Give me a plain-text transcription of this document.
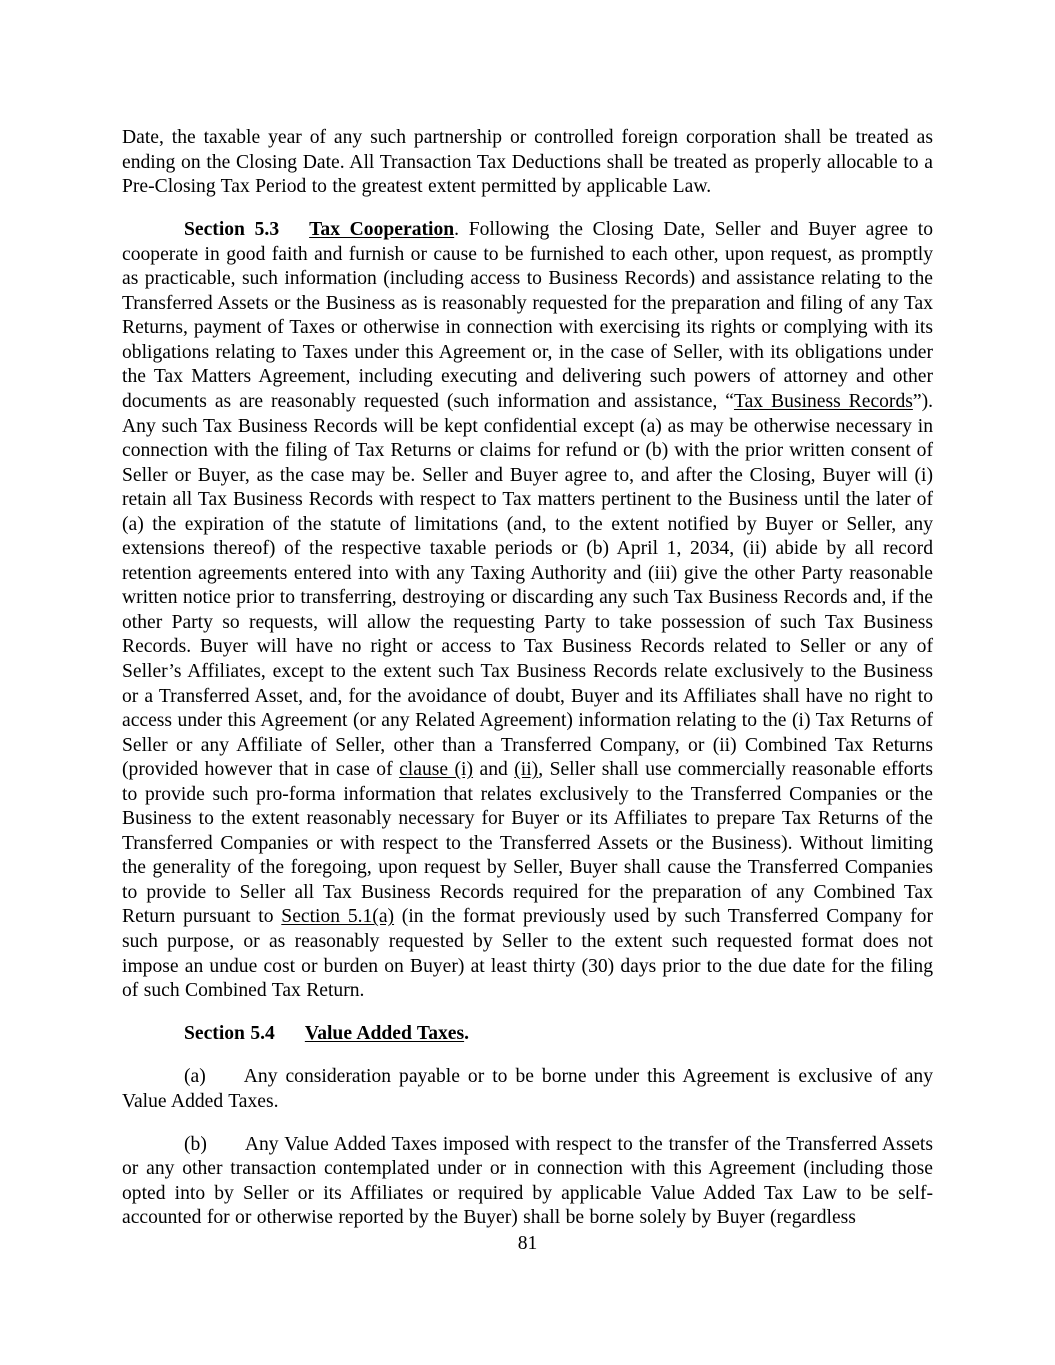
Date, the taxable year of any such partnership or controlled foreign corporation shall be treated as ending on the Closing Date. All Transaction Tax Deductions shall be treated as properly allocable to a Pre-Closing Tax Period to the greatest extent permitted by applicable Law.

Section 5.3 Tax Cooperation. Following the Closing Date, Seller and Buyer agree to cooperate in good faith and furnish or cause to be furnished to each other, upon request, as promptly as practicable, such information (including access to Business Records) and assistance relating to the Transferred Assets or the Business as is reasonably requested for the preparation and filing of any Tax Returns, payment of Taxes or otherwise in connection with exercising its rights or complying with its obligations relating to Taxes under this Agreement or, in the case of Seller, with its obligations under the Tax Matters Agreement, including executing and delivering such powers of attorney and other documents as are reasonably requested (such information and assistance, “Tax Business Records”). Any such Tax Business Records will be kept confidential except (a) as may be otherwise necessary in connection with the filing of Tax Returns or claims for refund or (b) with the prior written consent of Seller or Buyer, as the case may be. Seller and Buyer agree to, and after the Closing, Buyer will (i) retain all Tax Business Records with respect to Tax matters pertinent to the Business until the later of (a) the expiration of the statute of limitations (and, to the extent notified by Buyer or Seller, any extensions thereof) of the respective taxable periods or (b) April 1, 2034, (ii) abide by all record retention agreements entered into with any Taxing Authority and (iii) give the other Party reasonable written notice prior to transferring, destroying or discarding any such Tax Business Records and, if the other Party so requests, will allow the requesting Party to take possession of such Tax Business Records. Buyer will have no right or access to Tax Business Records related to Seller or any of Seller’s Affiliates, except to the extent such Tax Business Records relate exclusively to the Business or a Transferred Asset, and, for the avoidance of doubt, Buyer and its Affiliates shall have no right to access under this Agreement (or any Related Agreement) information relating to the (i) Tax Returns of Seller or any Affiliate of Seller, other than a Transferred Company, or (ii) Combined Tax Returns (provided however that in case of clause (i) and (ii), Seller shall use commercially reasonable efforts to provide such pro-forma information that relates exclusively to the Transferred Companies or the Business to the extent reasonably necessary for Buyer or its Affiliates to prepare Tax Returns of the Transferred Companies or with respect to the Transferred Assets or the Business). Without limiting the generality of the foregoing, upon request by Seller, Buyer shall cause the Transferred Companies to provide to Seller all Tax Business Records required for the preparation of any Combined Tax Return pursuant to Section 5.1(a) (in the format previously used by such Transferred Company for such purpose, or as reasonably requested by Seller to the extent such requested format does not impose an undue cost or burden on Buyer) at least thirty (30) days prior to the due date for the filing of such Combined Tax Return.

Section 5.4 Value Added Taxes.

(a) Any consideration payable or to be borne under this Agreement is exclusive of any Value Added Taxes.

(b) Any Value Added Taxes imposed with respect to the transfer of the Transferred Assets or any other transaction contemplated under or in connection with this Agreement (including those opted into by Seller or its Affiliates or required by applicable Value Added Tax Law to be self-accounted for or otherwise reported by the Buyer) shall be borne solely by Buyer (regardless

81
